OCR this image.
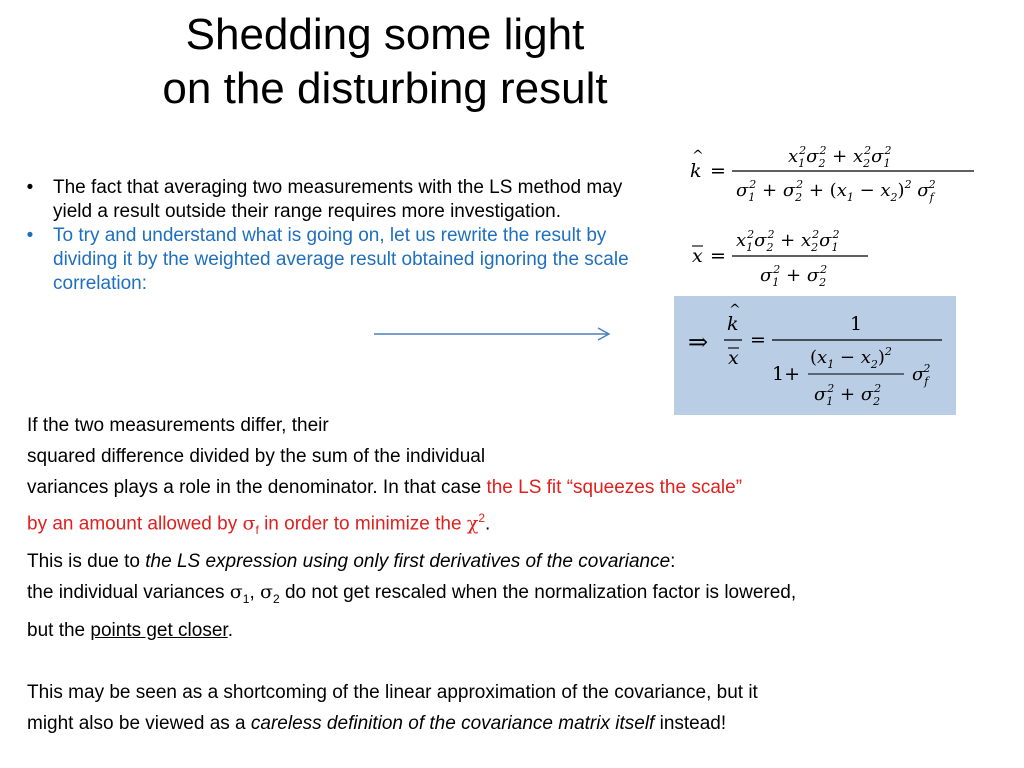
Shedding some light
on the disturbing result
•	The fact that averaging two measurements with the LS method may yield a result outside their range requires more investigation.
•	To try and understand what is going on, let us rewrite the result by dividing it by the weighted average result obtained ignoring the scale correlation:
k
^
=
$x_12\sigma_22 + x_22\sigma_12$
$\sigma_12 + \sigma_22 + (x_1 - x_2)^2$ $\sigma_f2$
x =
$x_12\sigma_22 + x_22\sigma_12$
$\sigma_12 + \sigma_22$
⇒
k
^
x
=
1
1+
$(x_1 - x_2)^2$
$\sigma_12 + \sigma_22$
$\sigma_f2$

If the two measurements differ, their

squared difference divided by the sum of the individual

variances plays a role in the denominator. In that case the LS fit “squeezes the scale”

by an amount allowed by $\sigma_f$ in order to minimize the $\chi^2$.

This is due to the LS expression using only first derivatives of the covariance:

the individual variances $\sigma_1$, $\sigma_2$ do not get rescaled when the normalization factor is lowered,

but the points get closer.

This may be seen as a shortcoming of the linear approximation of the covariance, but it

might also be viewed as a careless definition of the covariance matrix itself instead!
